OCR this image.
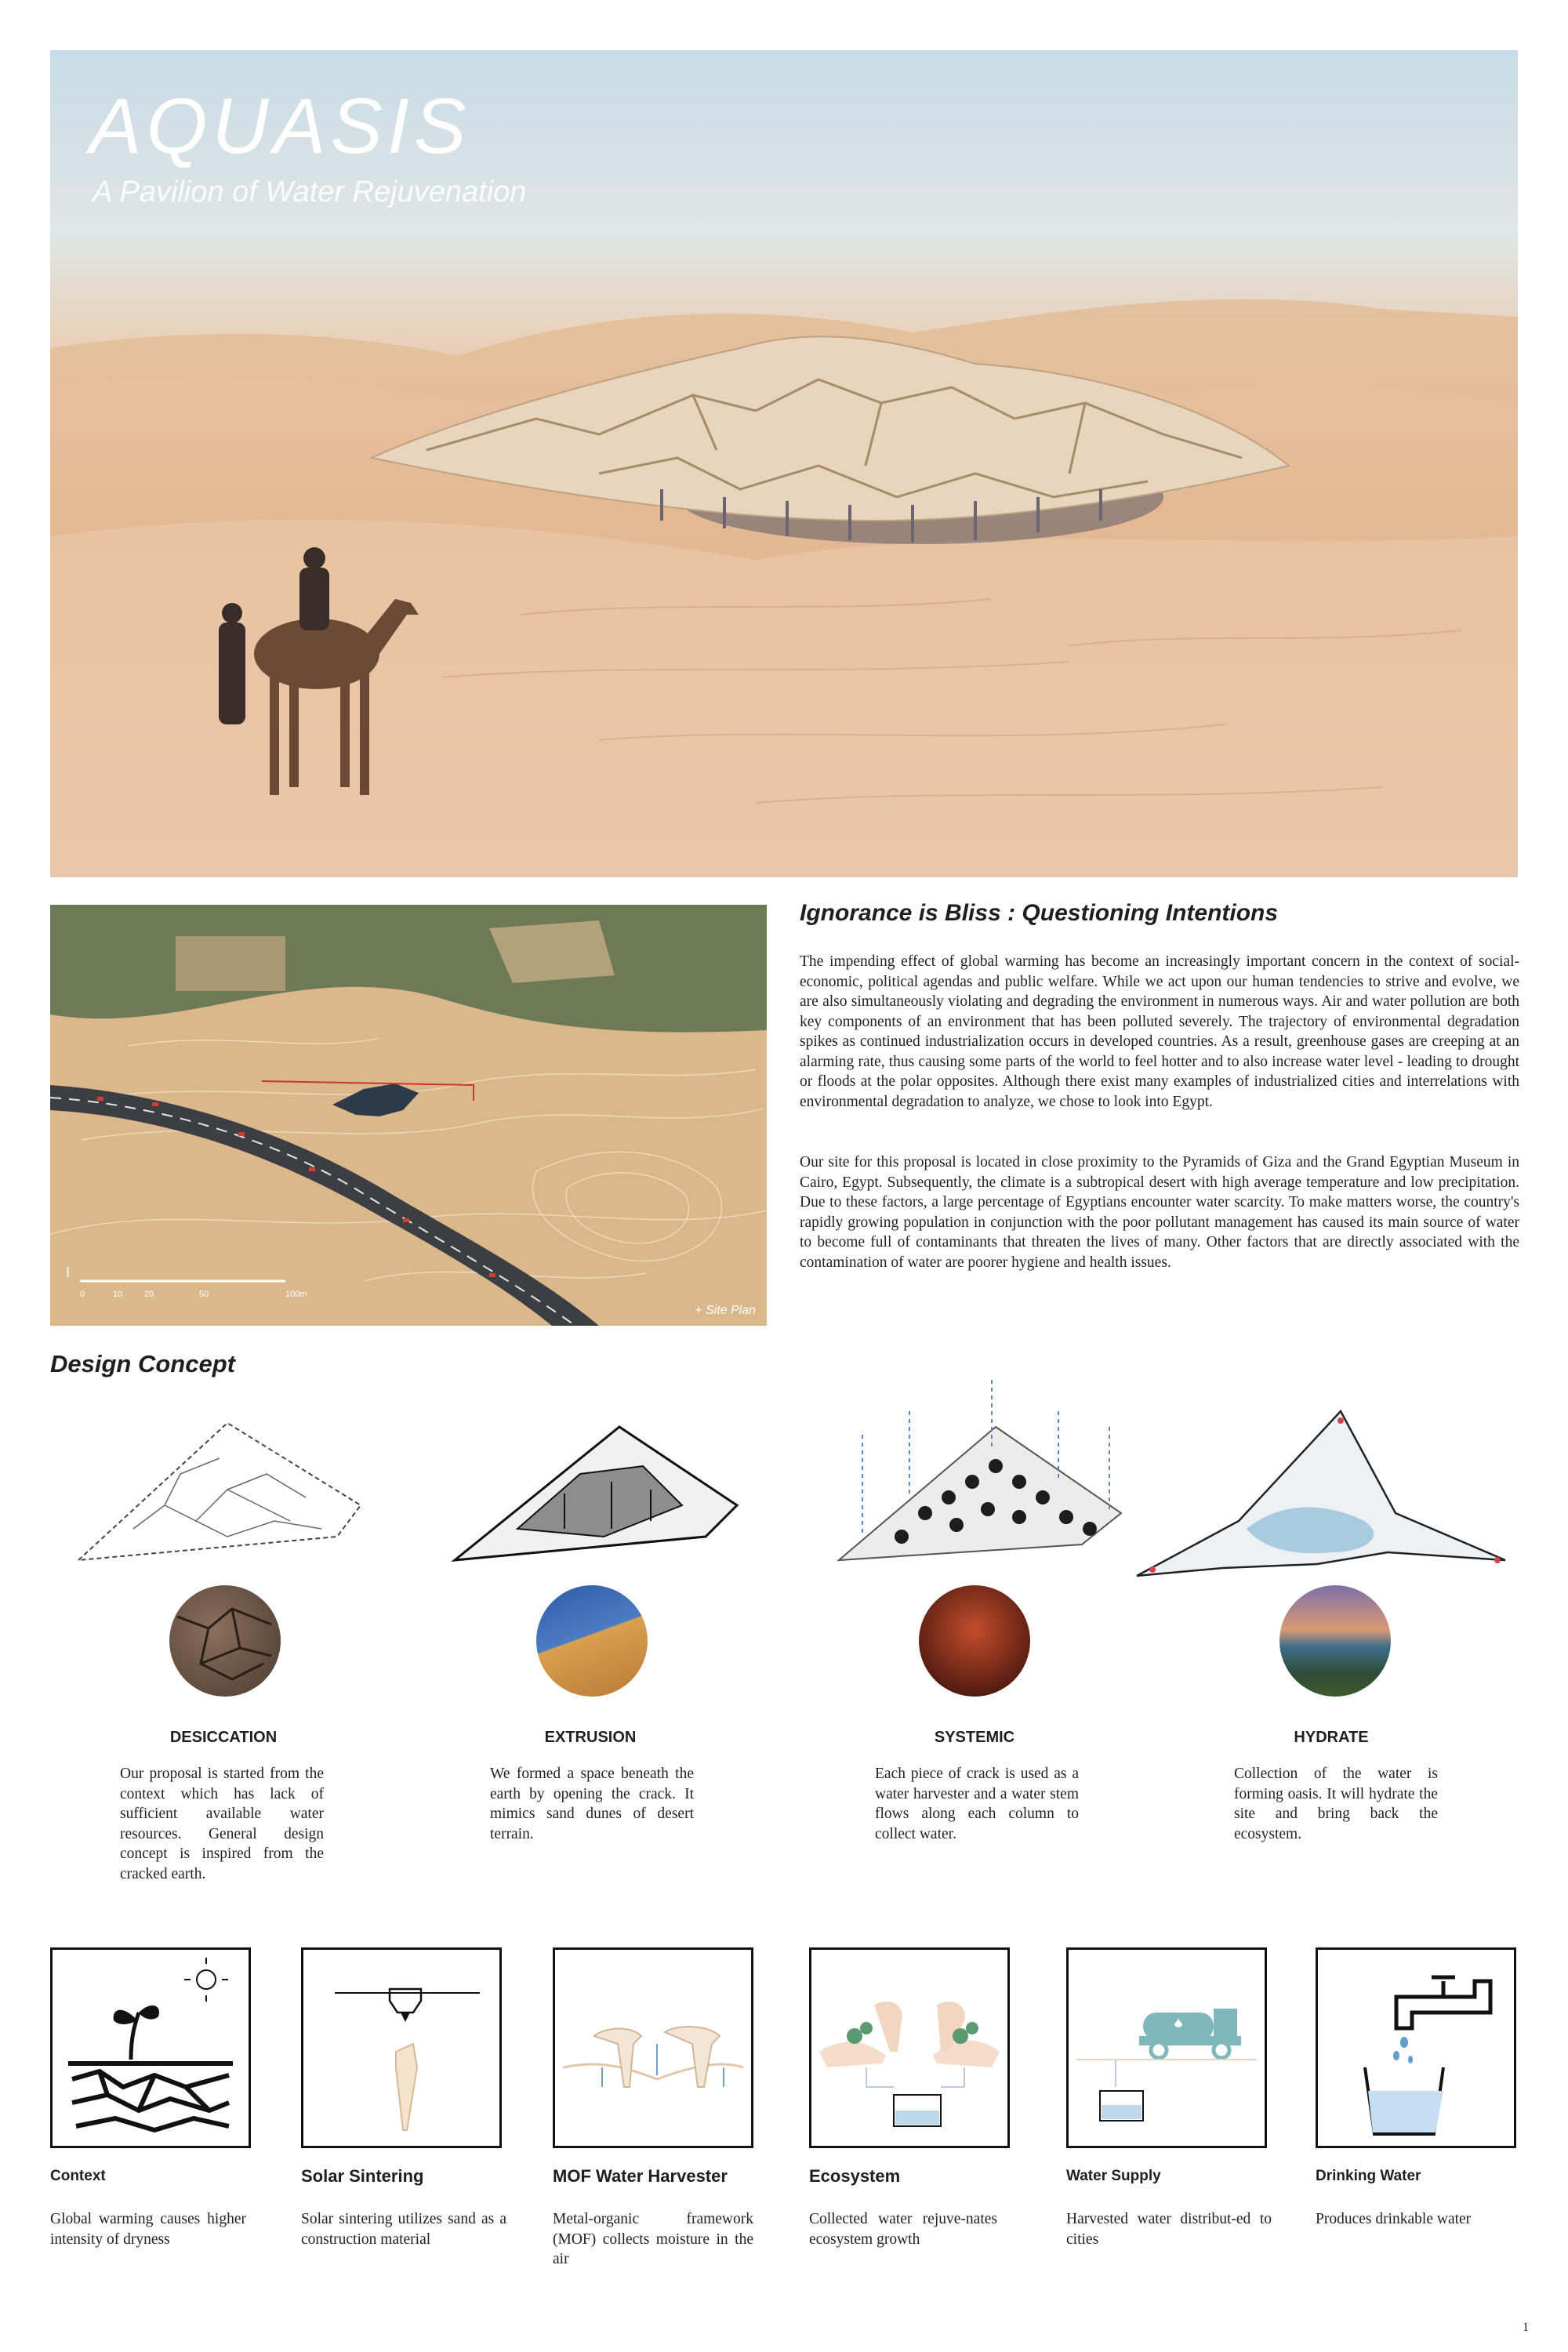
AQUASIS
A Pavilion of Water Rejuvenation
I
0	10	20	50	100m
+ Site Plan
Ignorance is Bliss : Questioning Intentions
The impending effect of global warming has become an increasingly important concern in the context of social-economic, political agendas and public welfare. While we act upon our human tendencies to strive and evolve, we are also simultaneously violating and degrading the environment in numerous ways. Air and water pollution are both key components of an environment that has been polluted severely. The trajectory of environmental degradation spikes as continued industrialization occurs in developed countries. As a result, greenhouse gases are creeping at an alarming rate, thus causing some parts of the world to feel hotter and to also increase water level - leading to drought or floods at the polar opposites. Although there exist many examples of industrialized cities and interrelations with environmental degradation to analyze, we chose to look into Egypt.
Our site for this proposal is located in close proximity to the Pyramids of Giza and the Grand Egyptian Museum in Cairo, Egypt. Subsequently, the climate is a subtropical desert with high average temperature and low precipitation. Due to these factors, a large percentage of Egyptians encounter water scarcity. To make matters worse, the country's rapidly growing population in conjunction with the poor pollutant management has caused its main source of water to become full of contaminants that threaten the lives of many. Other factors that are directly associated with the contamination of water are poorer hygiene and health issues.
Design Concept
DESICCATION	EXTRUSION	SYSTEMIC	HYDRATE
Our proposal is started from the context which has lack of sufficient available water resources. General design concept is inspired from the cracked earth.
We formed a space beneath the earth by opening the crack. It mimics sand dunes of desert terrain.
Each piece of crack is used as a water harvester and a water stem flows along each column to collect water.
Collection of the water is forming oasis. It will hydrate the site and bring back the ecosystem.
Context	Solar Sintering	MOF Water Harvester	Ecosystem	Water Supply	Drinking Water
Global warming causes higher intensity of dryness
Solar sintering utilizes sand as a construction material
Metal-organic framework (MOF) collects moisture in the air
Collected water rejuve-nates ecosystem growth
Harvested water distribut-ed to cities
Produces drinkable water
1
